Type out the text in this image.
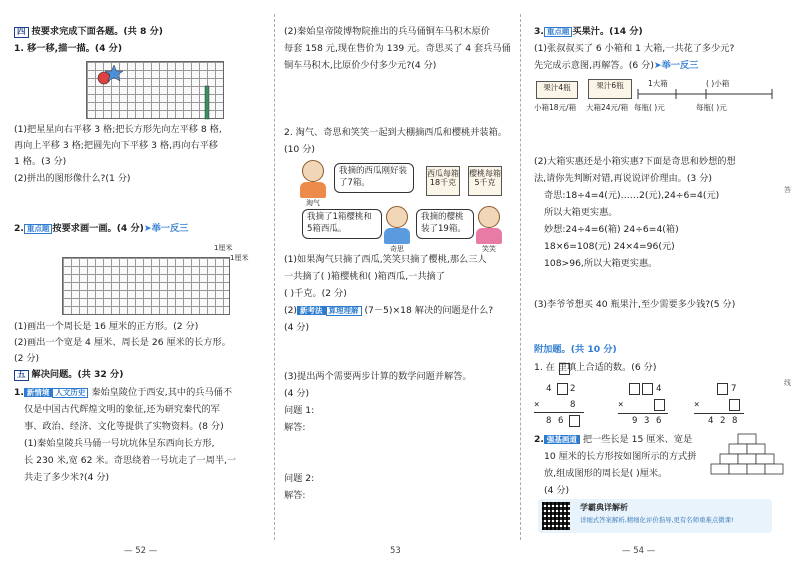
四 按要求完成下面各题。(共 8 分)
1. 移一移,描一描。(4 分)
(1)把星星向右平移 3 格;把长方形先向左平移 8 格,
再向上平移 3 格;把圆先向下平移 3 格,再向右平移
1 格。(3 分)
(2)拼出的图形像什么?(1 分)
2. 重点题 按要求画一画。(4 分)➤举一反三
1厘米
1厘米
(1)画出一个周长是 16 厘米的正方形。(2 分)
(2)画出一个宽是 4 厘米、周长是 26 厘米的长方形。
(2 分)
五 解决问题。(共 32 分)
1. 新情境 人文历史 秦始皇陵位于西安,其中的兵马俑不
仅是中国古代辉煌文明的象征,还为研究秦代的军
事、政治、经济、文化等提供了实物资料。(8 分)
(1)秦始皇陵兵马俑一号坑坑体呈东西向长方形,
长 230 米,宽 62 米。奇思绕着一号坑走了一周半,一
共走了多少米?(4 分)
— 52 —
(2)秦始皇帝陵博物院推出的兵马俑铜车马积木原价
每套 158 元,现在售价为 139 元。奇思买了 4 套兵马俑
铜车马积木,比原价少付多少元?(4 分)
2. 淘气、奇思和笑笑一起到大棚摘西瓜和樱桃并装箱。
(10 分)
淘气
我摘的西瓜刚好装了7箱。
西瓜每箱18千克
樱桃每箱5千克
我摘了1箱樱桃和5箱西瓜。
奇思
我摘的樱桃装了19箱。
笑笑
(1)如果淘气只摘了西瓜,笑笑只摘了樱桃,那么三人
一共摘了( )箱樱桃和( )箱西瓜,一共摘了
( )千克。(2 分)
(2) 新考法 算理理解 (7－5)×18 解决的问题是什么?
(4 分)
(3)提出两个需要两步计算的数学问题并解答。
(4 分)
问题 1:
解答:
问题 2:
解答:
53
3. 重点题 买果汁。(14 分)
(1)张叔叔买了 6 小箱和 1 大箱,一共花了多少元?
先完成示意图,再解答。(6 分)➤举一反三
果汁4瓶	果汁6瓶
小箱18元/箱 大箱24元/箱 每瓶( )元	每瓶( )元
1大箱	( )小箱
(2)大箱实惠还是小箱实惠?下面是奇思和妙想的想
法,请你先判断对错,再说说评价理由。(3 分)
奇思:18÷4=4(元)……2(元),24÷6=4(元)
所以大箱更实惠。
妙想:24÷4=6(箱) 24÷6=4(箱)
18×6=108(元) 24×4=96(元)
108>96,所以大箱更实惠。
(3)李爷爷想买 40 瓶果汁,至少需要多少钱?(5 分)
附加题。(共 10 分)
1. 在 里填上合适的数。(6 分)
4 2
×	8
8 6
4
×
9 3 6
7
×
4 2 8
2. 强基画道 把一些长是 15 厘米、宽是
10 厘米的长方形按如图所示的方式拼
放,组成图形的周长是( )厘米。
(4 分)
学霸典详解析
详细式答案解析,精细化评价指导,更有名师重难点微课!
答
线
— 54 —
